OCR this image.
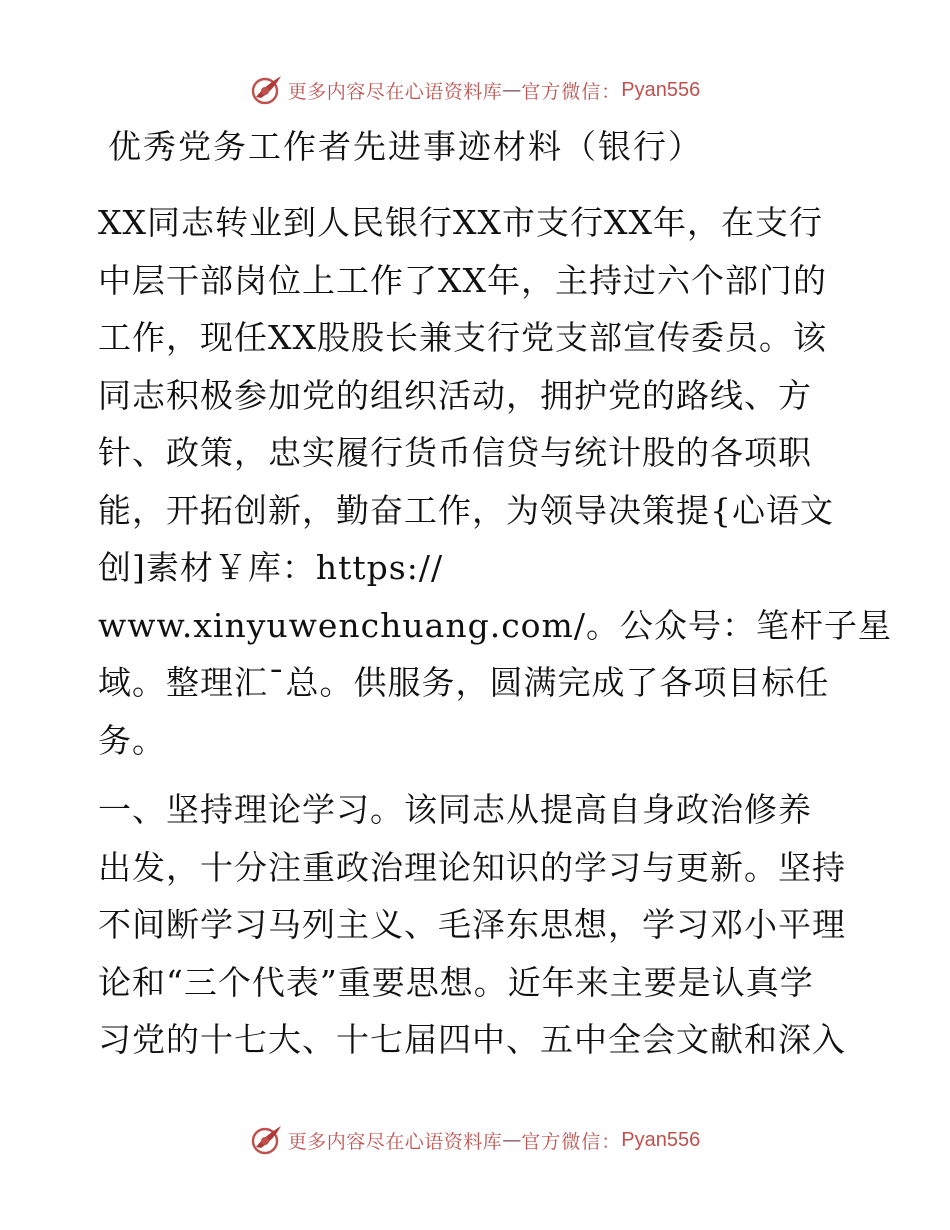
更多内容尽在心语资料库 — 官方微信： Pyan556
优秀党务工作者先进事迹材料（银行）
XX同志转业到人民银行XX市支行XX年，在支行
中层干部岗位上工作了XX年，主持过六个部门的
工作，现任XX股股长兼支行党支部宣传委员。该
同志积极参加党的组织活动，拥护党的路线、方
针、政策，忠实履行货币信贷与统计股的各项职
能，开拓创新，勤奋工作，为领导决策提{心语文
创]素材￥库：https://
www.xinyuwenchuang.com/。公众号：笔杆子星
域。整理汇¯总。供服务，圆满完成了各项目标任
务。
一、坚持理论学习。该同志从提高自身政治修养
出发，十分注重政治理论知识的学习与更新。坚持
不间断学习马列主义、毛泽东思想，学习邓小平理
论和“三个代表”重要思想。近年来主要是认真学
习党的十七大、十七届四中、五中全会文献和深入
更多内容尽在心语资料库 — 官方微信： Pyan556
